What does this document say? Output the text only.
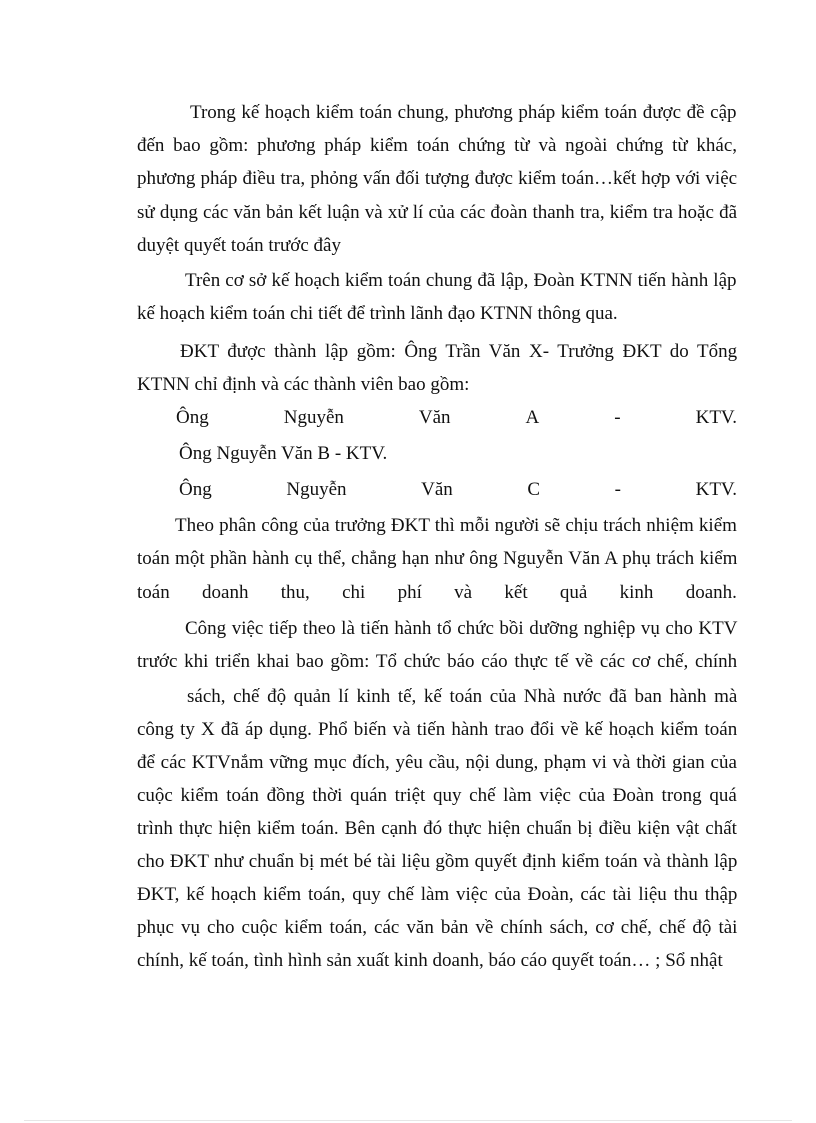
Trong kế hoạch kiểm toán chung, phương pháp kiểm toán được đề cập
đến bao gồm: phương pháp kiểm toán chứng từ và ngoài chứng từ khác,
phương pháp điều tra, phỏng vấn đối tượng được kiểm toán…kết hợp với việc
sử dụng các văn bản kết luận và xử lí của các đoàn thanh tra, kiểm tra hoặc đã
duyệt quyết toán trước đây
Trên cơ sở kế hoạch kiểm toán chung đã lập, Đoàn KTNN tiến hành lập
kế hoạch kiểm toán chi tiết để trình lãnh đạo KTNN thông qua.
ĐKT được thành lập gồm: Ông Trần Văn X- Trưởng ĐKT do Tổng
KTNN chỉ định và các thành viên bao gồm:
Ông	Nguyễn	Văn	A	-	KTV.
Ông Nguyễn Văn B - KTV.
Ông	Nguyễn	Văn	C	-	KTV.
Theo phân công của trưởng ĐKT thì mỗi người sẽ chịu trách nhiệm kiểm
toán một phần hành cụ thể, chẳng hạn như ông Nguyễn Văn A phụ trách kiểm
toán doanh thu, chi phí và kết quả kinh doanh.
Công việc tiếp theo là tiến hành tổ chức bồi dưỡng nghiệp vụ cho KTV
trước khi triển khai bao gồm: Tổ chức báo cáo thực tế về các cơ chế, chính
sách, chế độ quản lí kinh tế, kế toán của Nhà nước đã ban hành mà
công ty X đã áp dụng. Phổ biến và tiến hành trao đổi về kế hoạch kiểm toán
để các KTVnắm vững mục đích, yêu cầu, nội dung, phạm vi và thời gian của
cuộc kiểm toán đồng thời quán triệt quy chế làm việc của Đoàn trong quá
trình thực hiện kiểm toán. Bên cạnh đó thực hiện chuẩn bị điều kiện vật chất
cho ĐKT như chuẩn bị mét bé tài liệu gồm quyết định kiểm toán và thành lập
ĐKT, kế hoạch kiểm toán, quy chế làm việc của Đoàn, các tài liệu thu thập
phục vụ cho cuộc kiểm toán, các văn bản về chính sách, cơ chế, chế độ tài
chính, kế toán, tình hình sản xuất kinh doanh, báo cáo quyết toán… ; Sổ nhật
